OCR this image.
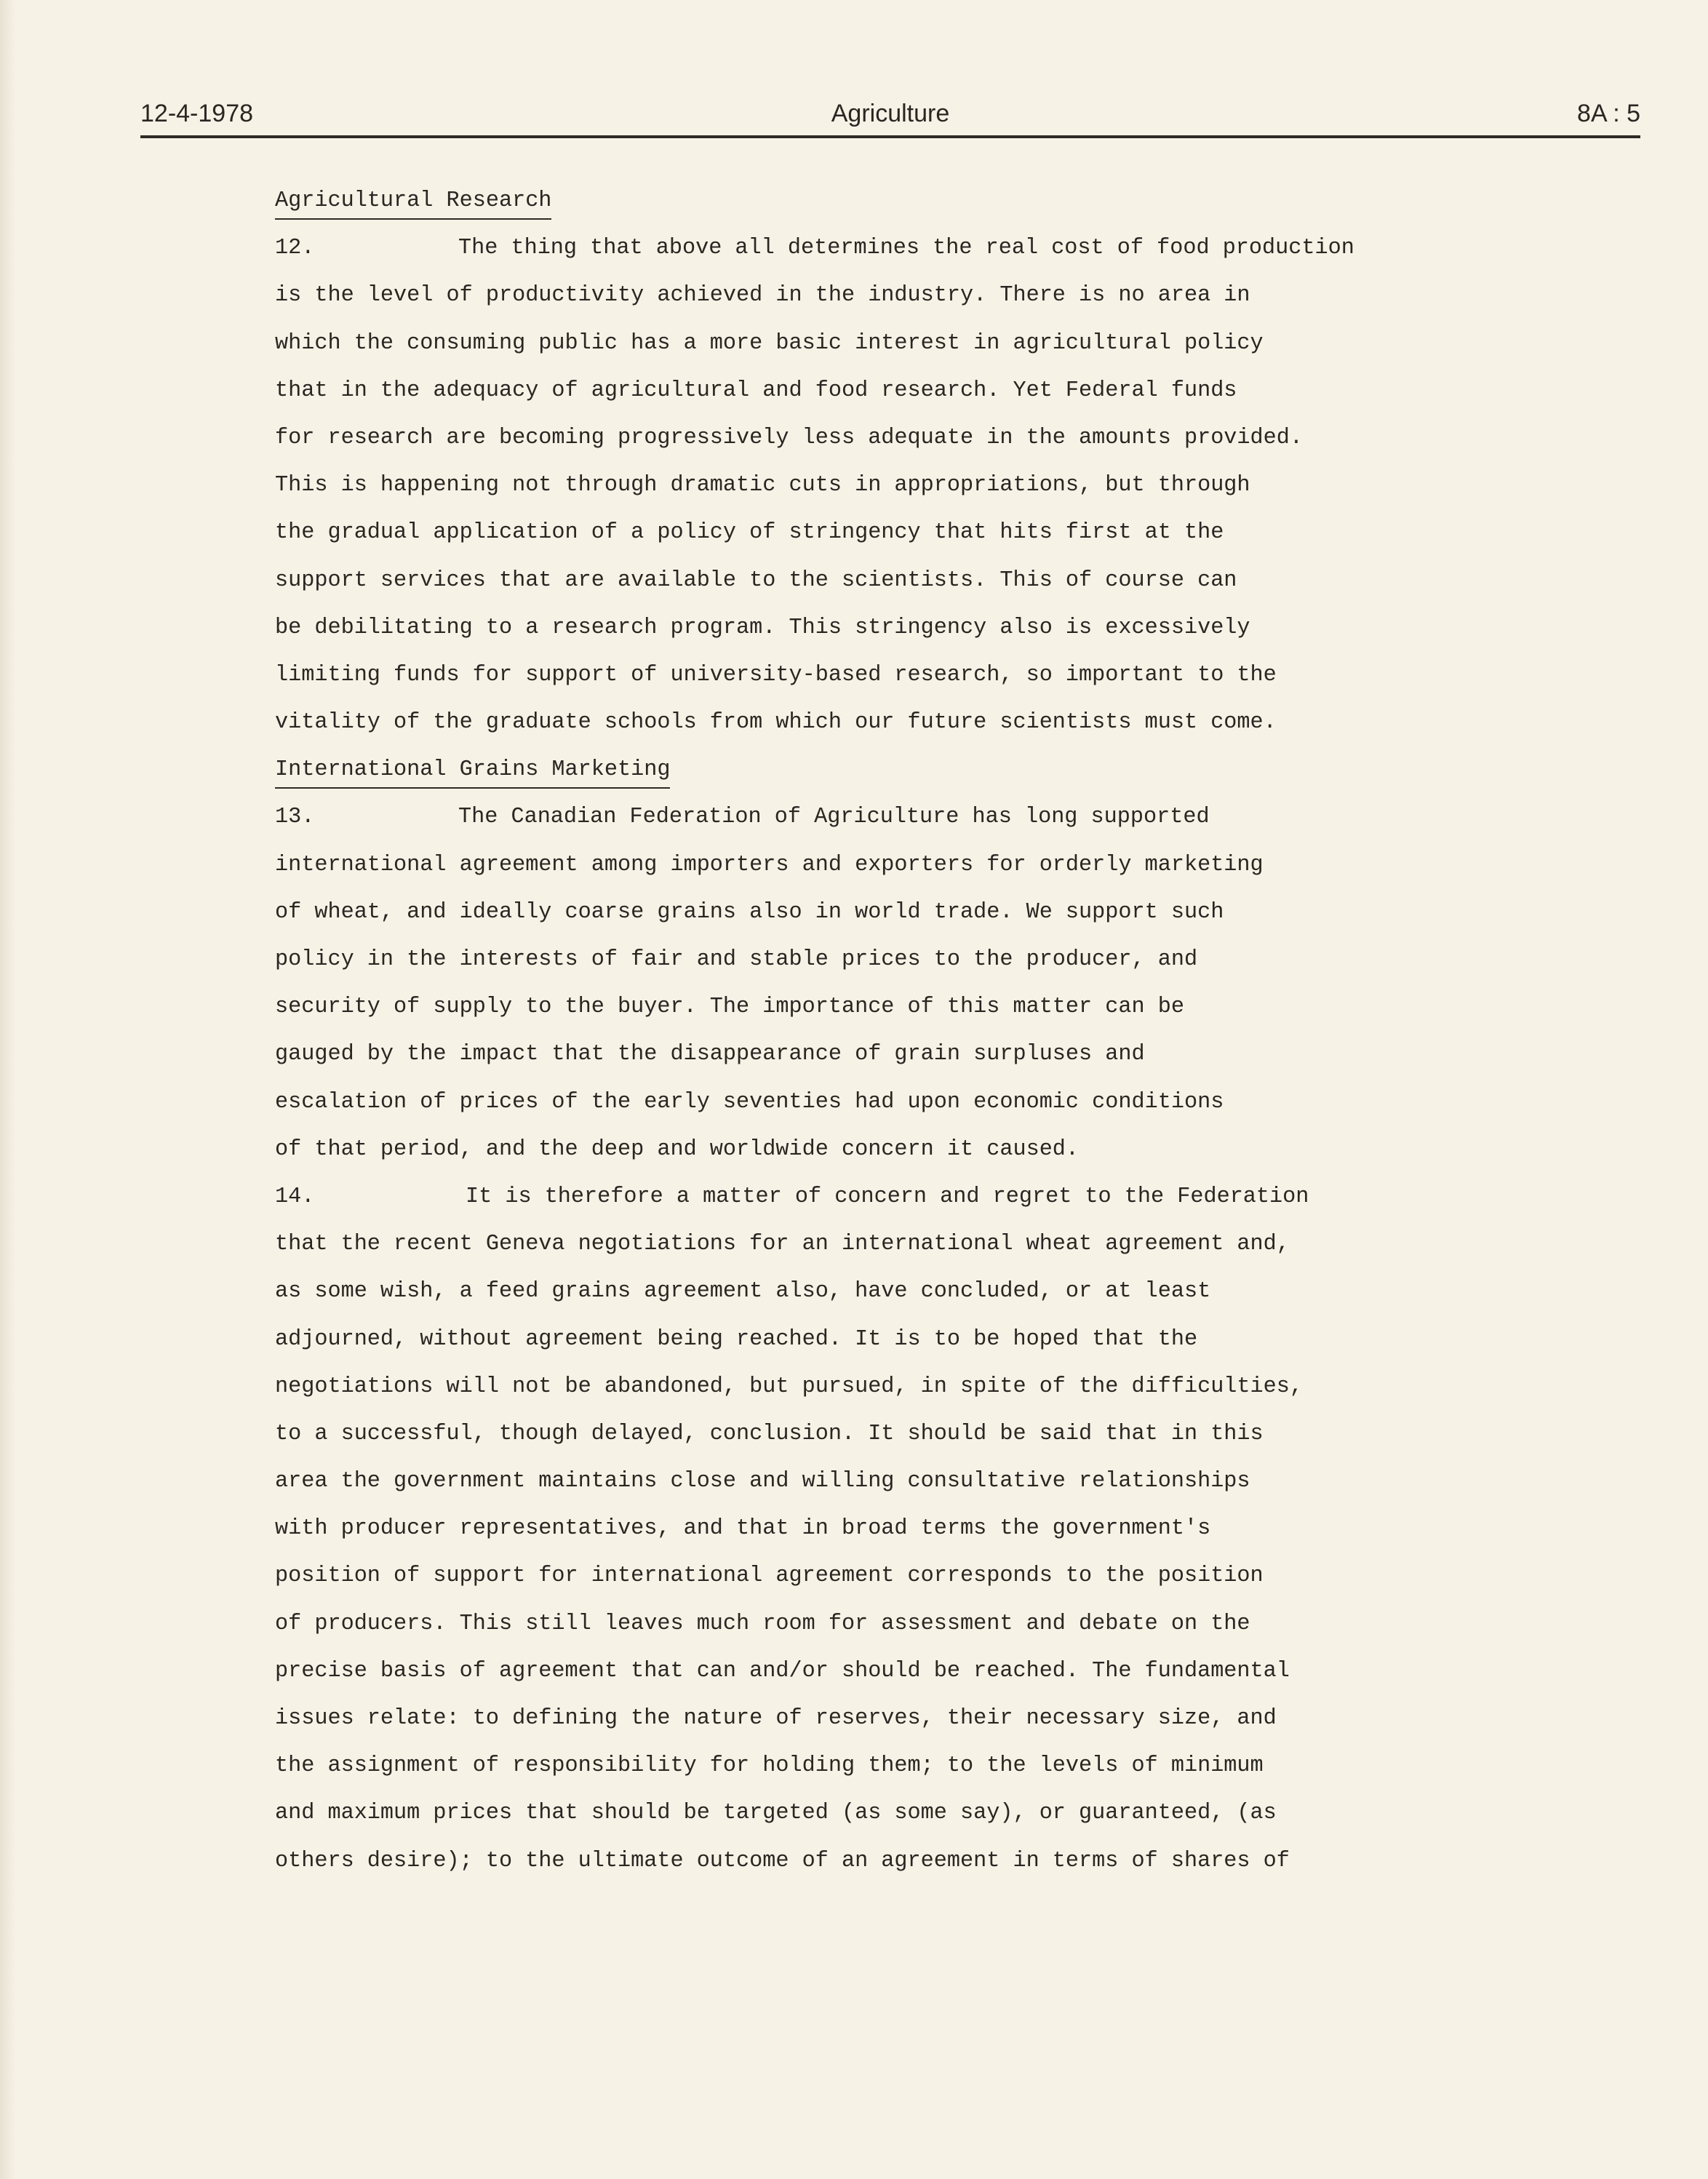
12-4-1978	Agriculture	8A : 5
Agricultural Research
12.	The thing that above all determines the real cost of food production
is the level of productivity achieved in the industry. There is no area in
which the consuming public has a more basic interest in agricultural policy
that in the adequacy of agricultural and food research. Yet Federal funds
for research are becoming progressively less adequate in the amounts provided.
This is happening not through dramatic cuts in appropriations, but through
the gradual application of a policy of stringency that hits first at the
support services that are available to the scientists. This of course can
be debilitating to a research program. This stringency also is excessively
limiting funds for support of university-based research, so important to the
vitality of the graduate schools from which our future scientists must come.
International Grains Marketing
13.	The Canadian Federation of Agriculture has long supported
international agreement among importers and exporters for orderly marketing
of wheat, and ideally coarse grains also in world trade. We support such
policy in the interests of fair and stable prices to the producer, and
security of supply to the buyer. The importance of this matter can be
gauged by the impact that the disappearance of grain surpluses and
escalation of prices of the early seventies had upon economic conditions
of that period, and the deep and worldwide concern it caused.
14.	It is therefore a matter of concern and regret to the Federation
that the recent Geneva negotiations for an international wheat agreement and,
as some wish, a feed grains agreement also, have concluded, or at least
adjourned, without agreement being reached. It is to be hoped that the
negotiations will not be abandoned, but pursued, in spite of the difficulties,
to a successful, though delayed, conclusion. It should be said that in this
area the government maintains close and willing consultative relationships
with producer representatives, and that in broad terms the government's
position of support for international agreement corresponds to the position
of producers. This still leaves much room for assessment and debate on the
precise basis of agreement that can and/or should be reached. The fundamental
issues relate: to defining the nature of reserves, their necessary size, and
the assignment of responsibility for holding them; to the levels of minimum
and maximum prices that should be targeted (as some say), or guaranteed, (as
others desire); to the ultimate outcome of an agreement in terms of shares of
